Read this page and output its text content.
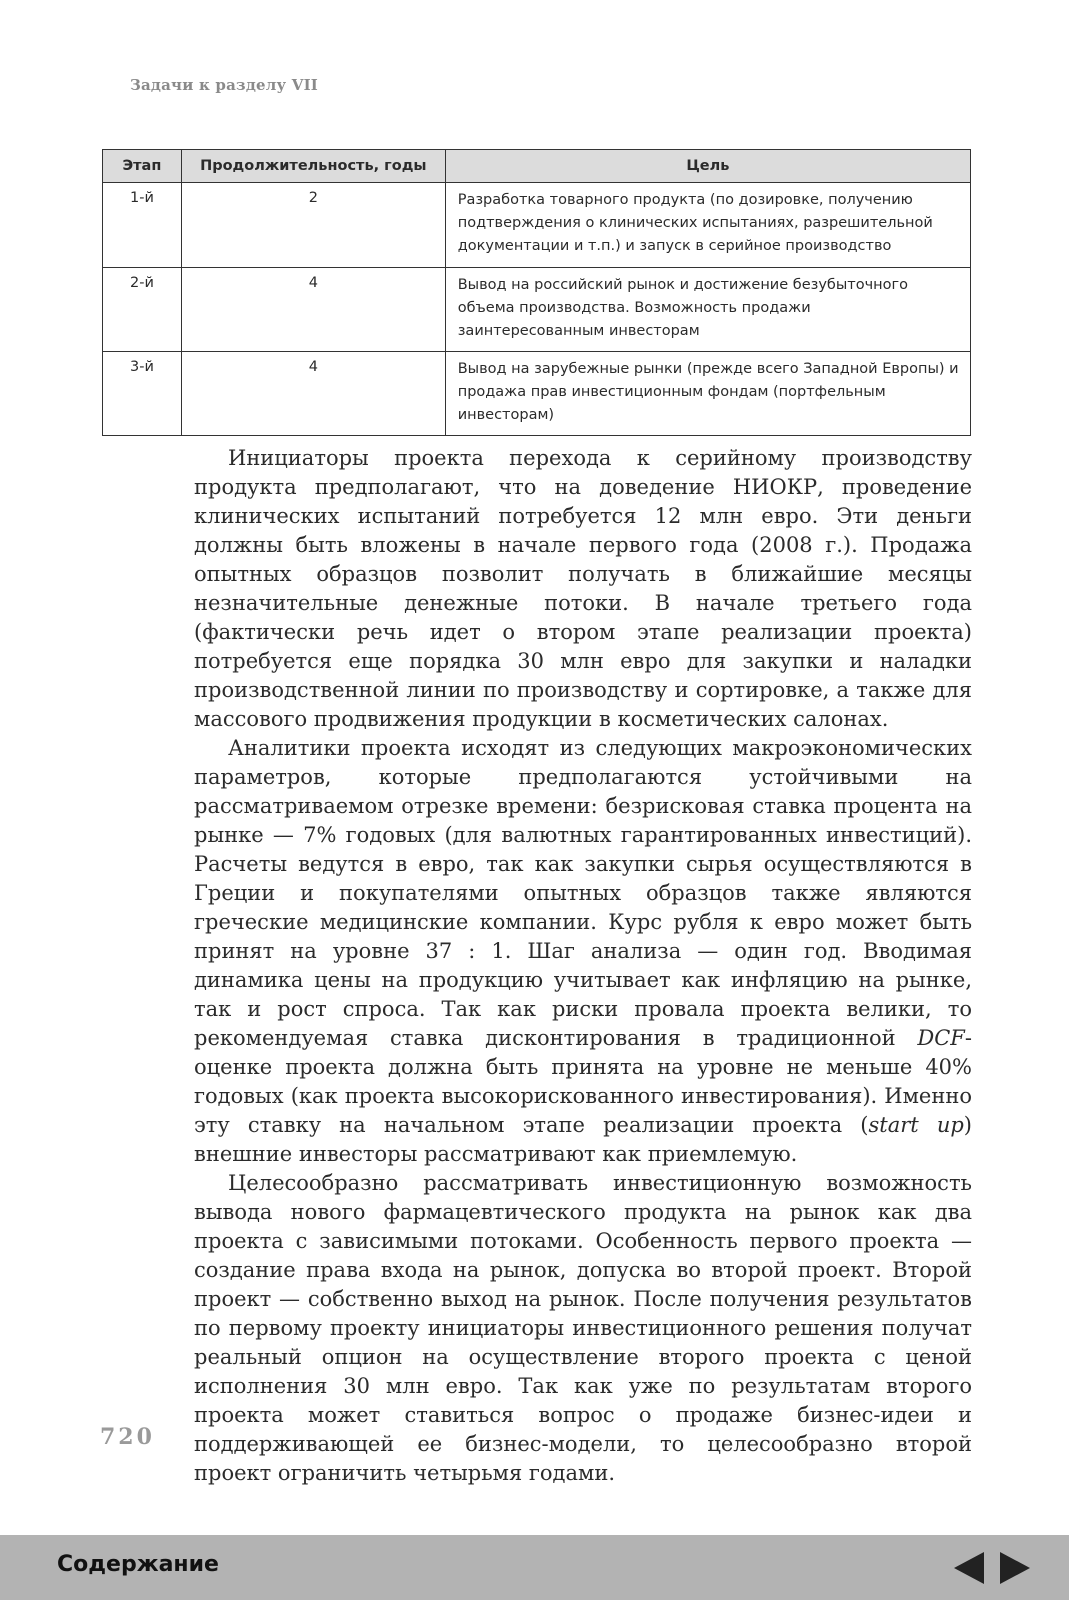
Задачи к разделу VII
Этап	Продолжительность, годы	Цель
1-й	2	Разработка товарного продукта (по дозировке, получению подтверждения о клинических испытаниях, разрешительной документации и т.п.) и запуск в серийное производство
2-й	4	Вывод на российский рынок и достижение безубыточного объема производства. Возможность продажи заинтересованным инвесторам
3-й	4	Вывод на зарубежные рынки (прежде всего Западной Европы) и продажа прав инвестиционным фондам (портфельным инвесторам)

Инициаторы проекта перехода к серийному производству продукта предполагают, что на доведение НИОКР, проведение клинических испытаний потребуется 12 млн евро. Эти деньги должны быть вложены в начале первого года (2008 г.). Продажа опытных образцов позволит получать в ближайшие месяцы незначительные денежные потоки. В начале третьего года (фактически речь идет о втором этапе реализации проекта) потребуется еще порядка 30 млн евро для закупки и наладки производственной линии по производству и сортировке, а также для массового продвижения продукции в косметических салонах.

Аналитики проекта исходят из следующих макроэкономических параметров, которые предполагаются устойчивыми на рассматриваемом отрезке времени: безрисковая ставка процента на рынке — 7% годовых (для валютных гарантированных инвестиций). Расчеты ведутся в евро, так как закупки сырья осуществляются в Греции и покупателями опытных образцов также являются греческие медицинские компании. Курс рубля к евро может быть принят на уровне 37 : 1. Шаг анализа — один год. Вводимая динамика цены на продукцию учитывает как инфляцию на рынке, так и рост спроса. Так как риски провала проекта велики, то рекомендуемая ставка дисконтирования в традиционной DCF-оценке проекта должна быть принята на уровне не меньше 40% годовых (как проекта высокорискованного инвестирования). Именно эту ставку на начальном этапе реализации проекта (start up) внешние инвесторы рассматривают как приемлемую.

Целесообразно рассматривать инвестиционную возможность вывода нового фармацевтического продукта на рынок как два проекта с зависимыми потоками. Особенность первого проекта — создание права входа на рынок, допуска во второй проект. Второй проект — собственно выход на рынок. После получения результатов по первому проекту инициаторы инвестиционного решения получат реальный опцион на осуществление второго проекта с ценой исполнения 30 млн евро. Так как уже по результатам второго проекта может ставиться вопрос о продаже бизнес-идеи и поддерживающей ее бизнес-модели, то целесообразно второй проект ограничить четырьмя годами.

720
Содержание
